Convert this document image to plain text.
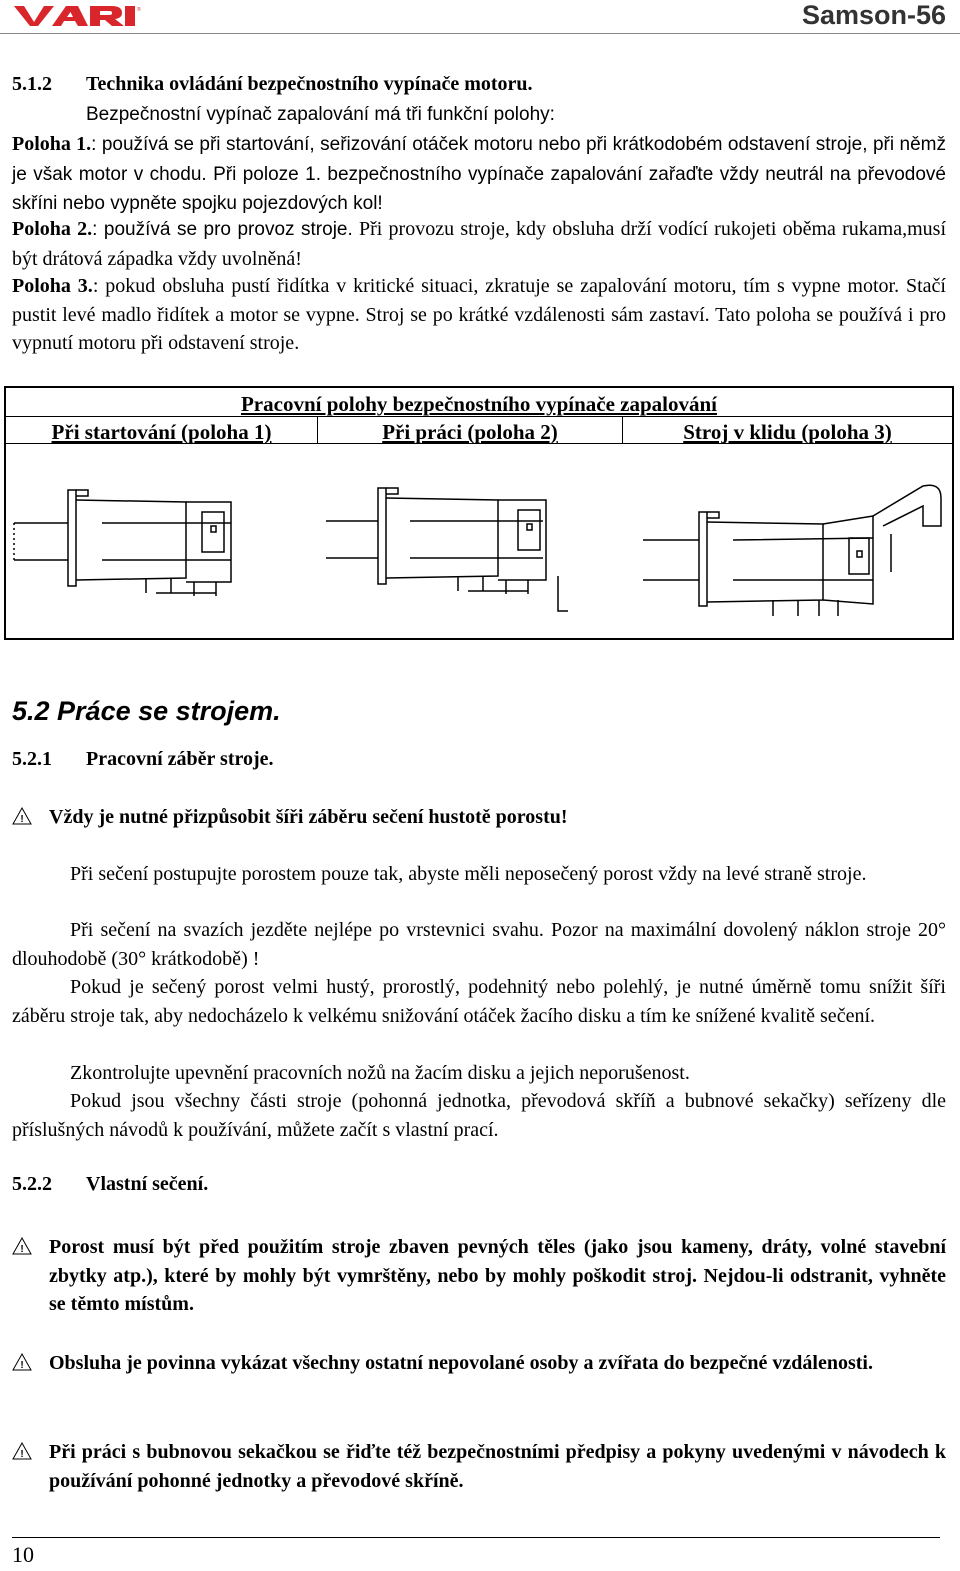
®	Samson-56
5.1.2 Technika ovládání bezpečnostního vypínače motoru.
Bezpečnostní vypínač zapalování má tři funkční polohy:
Poloha 1.: používá se při startování, seřizování otáček motoru nebo při krátkodobém odstavení stroje, při němž je však motor v chodu. Při poloze 1. bezpečnostního vypínače zapalování zařaďte vždy neutrál na převodové skříni nebo vypněte spojku pojezdových kol!
Poloha 2.: používá se pro provoz stroje. Při provozu stroje, kdy obsluha drží vodící rukojeti oběma rukama,musí být drátová západka vždy uvolněná!
Poloha 3.: pokud obsluha pustí řidítka v kritické situaci, zkratuje se zapalování motoru, tím s vypne motor. Stačí pustit levé madlo řidítek a motor se vypne. Stroj se po krátké vzdálenosti sám zastaví. Tato poloha se používá i pro vypnutí motoru při odstavení stroje.
Pracovní polohy bezpečnostního vypínače zapalování
Při startování (poloha 1)	Při práci (poloha 2)	Stroj v klidu (poloha 3)
5.2 Práce se strojem.
5.2.1 Pracovní záběr stroje.
! Vždy je nutné přizpůsobit šíři záběru sečení hustotě porostu!
Při sečení postupujte porostem pouze tak, abyste měli neposečený porost vždy na levé straně stroje.
Při sečení na svazích jezděte nejlépe po vrstevnici svahu. Pozor na maximální dovolený náklon stroje 20° dlouhodobě (30° krátkodobě) !
Pokud je sečený porost velmi hustý, prorostlý, podehnitý nebo polehlý, je nutné úměrně tomu snížit šíři záběru stroje tak, aby nedocházelo k velkému snižování otáček žacího disku a tím ke snížené kvalitě sečení.
Zkontrolujte upevnění pracovních nožů na žacím disku a jejich neporušenost.
Pokud jsou všechny části stroje (pohonná jednotka, převodová skříň a bubnové sekačky) seřízeny dle příslušných návodů k používání, můžete začít s vlastní prací.
5.2.2 Vlastní sečení.
! Porost musí být před použitím stroje zbaven pevných těles (jako jsou kameny, dráty, volné stavební zbytky atp.), které by mohly být vymrštěny, nebo by mohly poškodit stroj. Nejdou-li odstranit, vyhněte se těmto místům.
! Obsluha je povinna vykázat všechny ostatní nepovolané osoby a zvířata do bezpečné vzdálenosti.
! Při práci s bubnovou sekačkou se řiďte též bezpečnostními předpisy a pokyny uvedenými v návodech k používání pohonné jednotky a převodové skříně.
10
